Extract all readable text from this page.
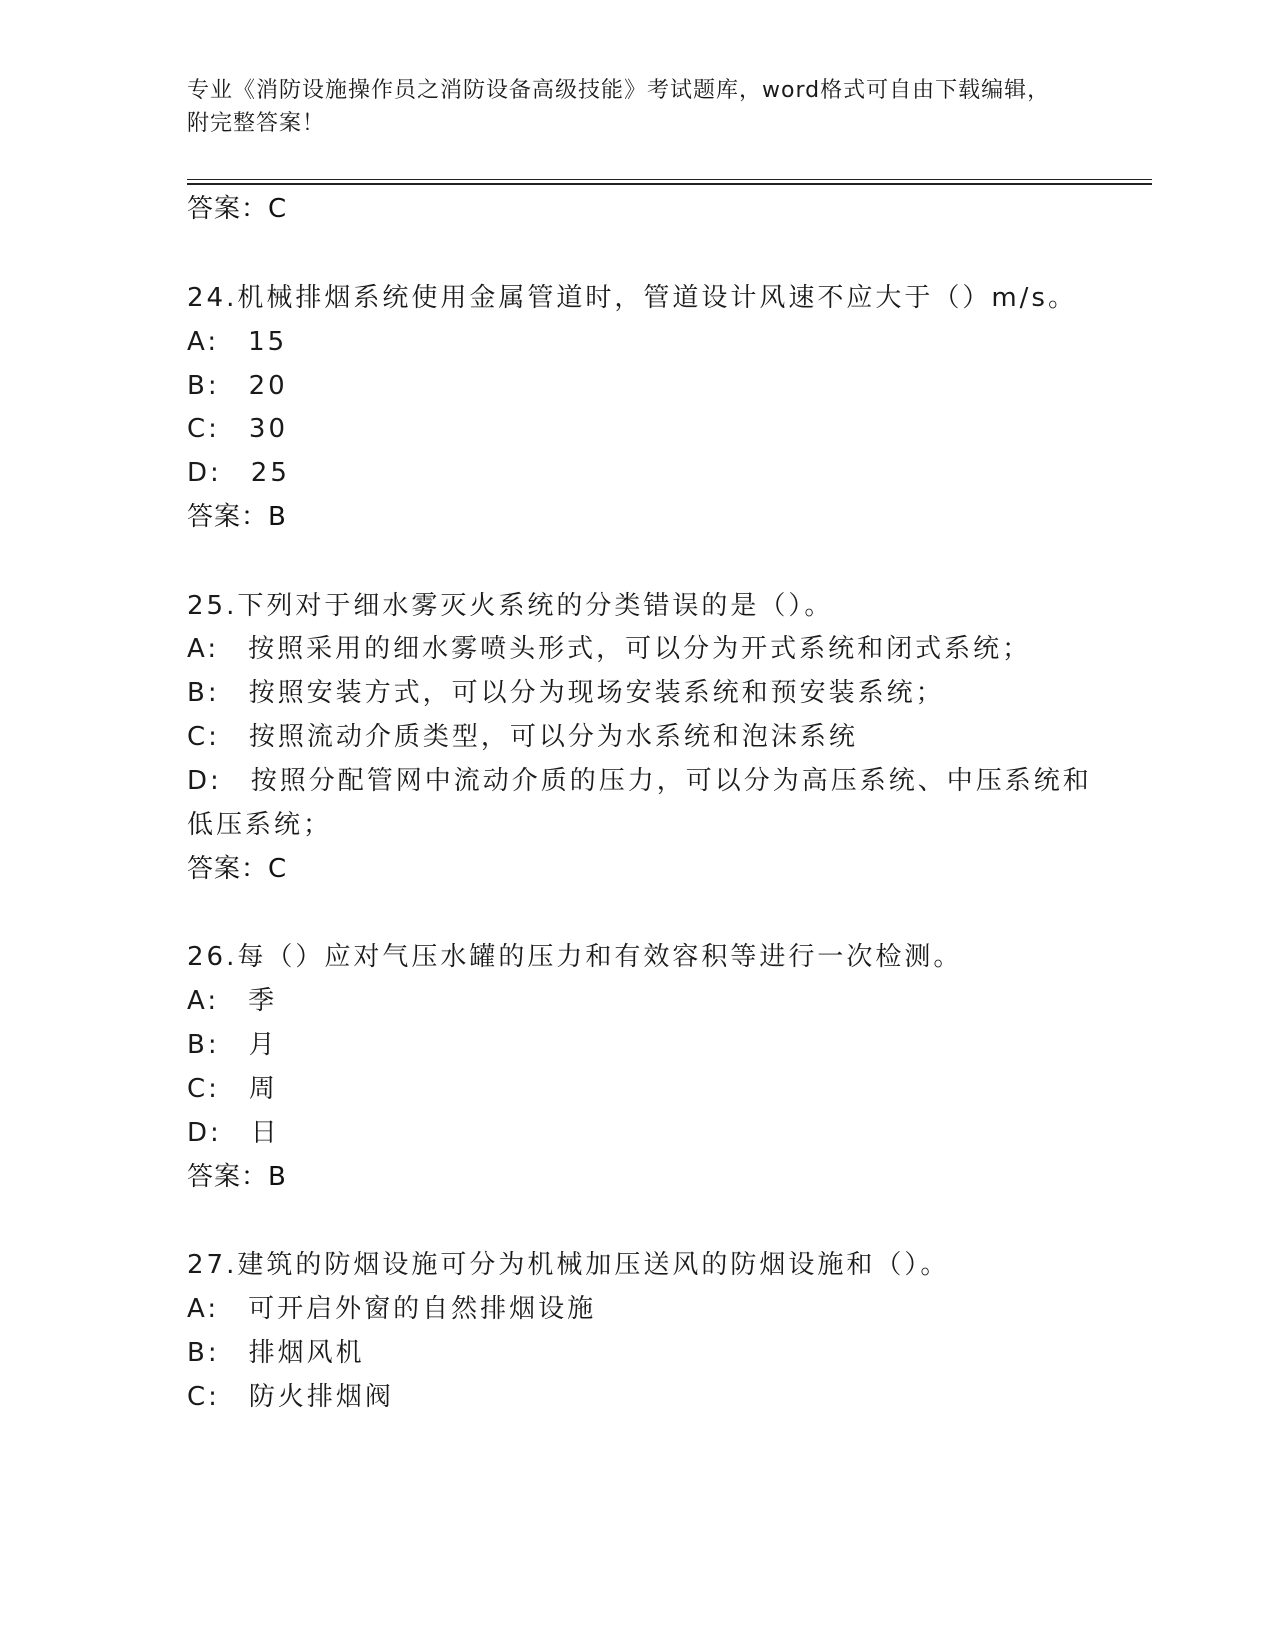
专业《消防设施操作员之消防设备高级技能》考试题库，word格式可自由下载编辑，附完整答案！
答案：C
24.机械排烟系统使用金属管道时，管道设计风速不应大于（）m/s。
A:　15
B:　20
C:　30
D:　25
答案：B
25.下列对于细水雾灭火系统的分类错误的是（）。
A:　按照采用的细水雾喷头形式，可以分为开式系统和闭式系统；
B:　按照安装方式，可以分为现场安装系统和预安装系统；
C:　按照流动介质类型，可以分为水系统和泡沫系统
D:　按照分配管网中流动介质的压力，可以分为高压系统、中压系统和
低压系统；
答案：C
26.每（）应对气压水罐的压力和有效容积等进行一次检测。
A:　季
B:　月
C:　周
D:　日
答案：B
27.建筑的防烟设施可分为机械加压送风的防烟设施和（）。
A:　可开启外窗的自然排烟设施
B:　排烟风机
C:　防火排烟阀
